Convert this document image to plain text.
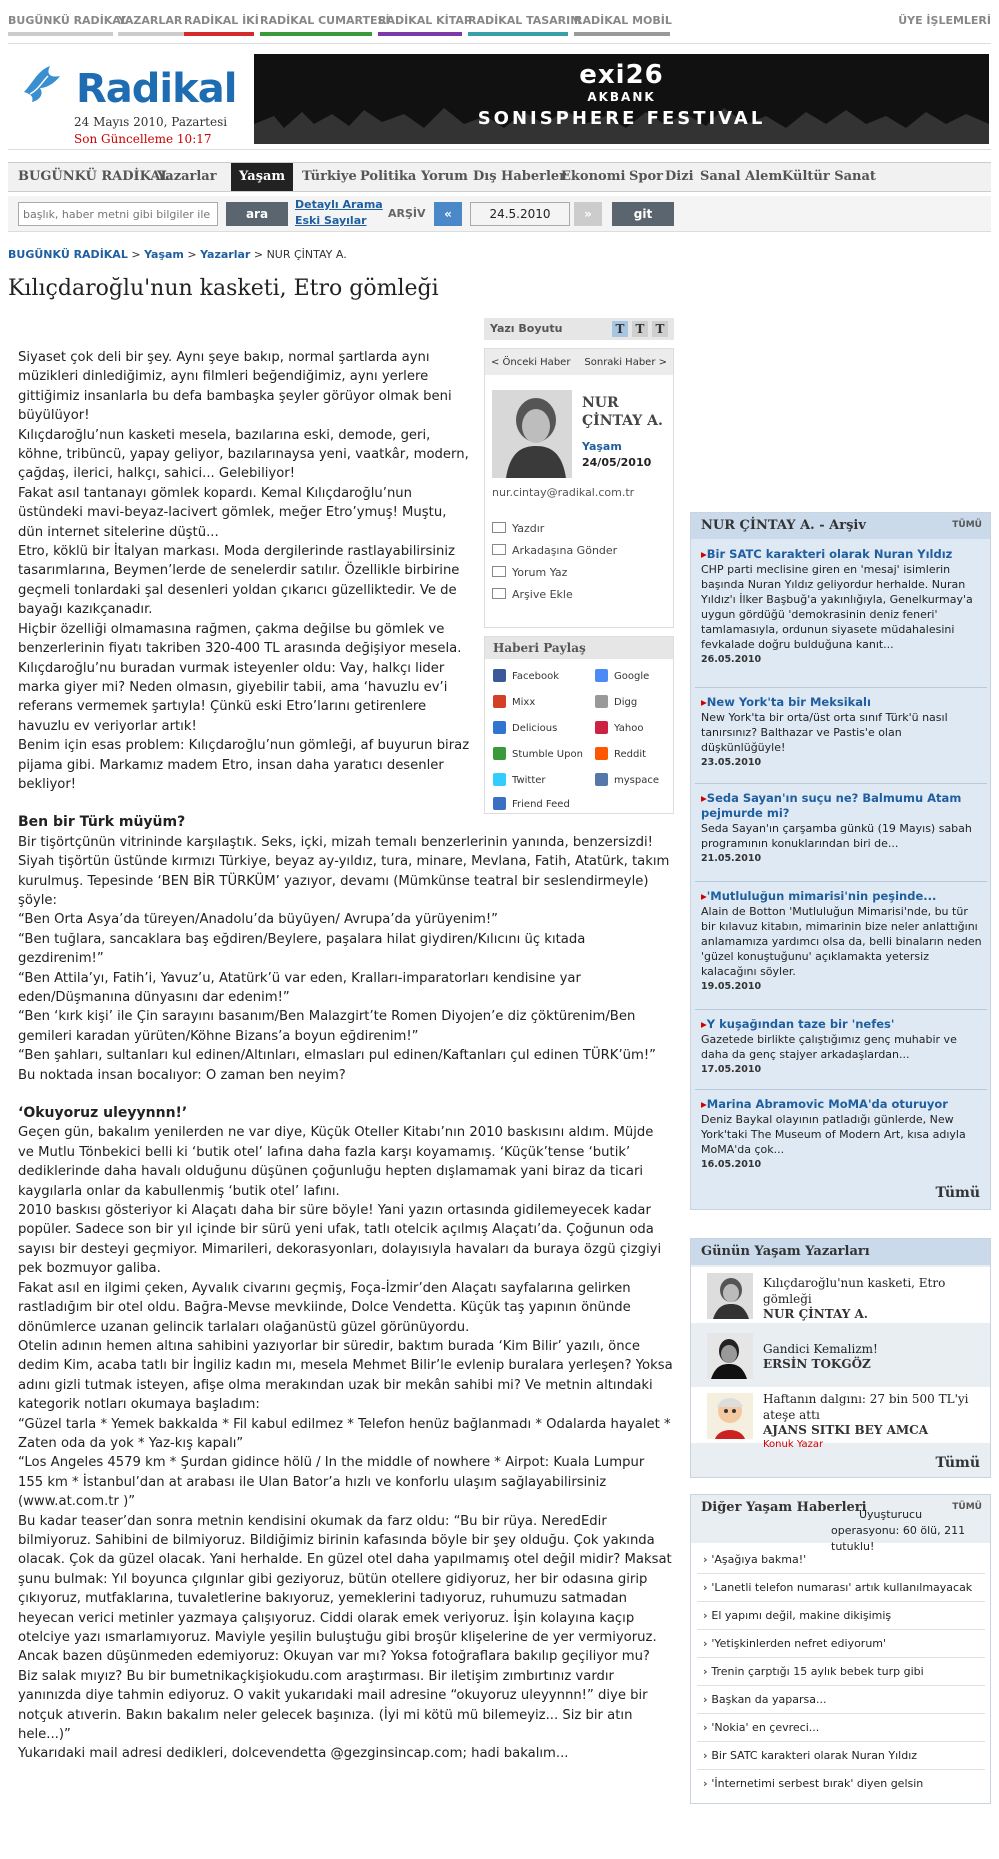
BUGÜNKÜ RADİKAL
YAZARLAR RADİKAL İKİ RADİKAL CUMARTESİ
RADİKAL KİTAP
RADİKAL TASARIM
RADİKAL MOBİL	ÜYE İŞLEMLERİ
Radikal
24 Mayıs 2010, Pazartesi
Son Güncelleme 10:17
exi26
AKBANK
SONISPHERE FESTIVAL
BUGÜNKÜ RADİKAL
Yazarlar	Yaşam	Türkiye Politika Yorum Dış Haberler
Ekonomi Spor Dizi Sanal Alem Kültür Sanat
başlık, haber metni gibi bilgiler ile
ara
Detaylı Arama
Eski Sayılar
ARŞİV	«	24.5.2010	»	git
BUGÜNKÜ RADİKAL > Yaşam > Yazarlar > NUR ÇİNTAY A.
Kılıçdaroğlu'nun kasketi, Etro gömleği

Siyaset çok deli bir şey. Aynı şeye bakıp, normal şartlarda aynı müzikleri dinlediğimiz, aynı filmleri beğendiğimiz, aynı yerlere gittiğimiz insanlarla bu defa bambaşka şeyler görüyor olmak beni büyülüyor!

Kılıçdaroğlu’nun kasketi mesela, bazılarına eski, demode, geri, köhne, tribüncü, yapay geliyor, bazılarınaysa yeni, vaatkâr, modern, çağdaş, ilerici, halkçı, sahici... Gelebiliyor!

Fakat asıl tantanayı gömlek kopardı. Kemal Kılıçdaroğlu’nun üstündeki mavi-beyaz-lacivert gömlek, meğer Etro’ymuş! Muştu, dün internet sitelerine düştü...

Etro, köklü bir İtalyan markası. Moda dergilerinde rastlayabilirsiniz tasarımlarına, Beymen’lerde de senelerdir satılır. Özellikle birbirine geçmeli tonlardaki şal desenleri yoldan çıkarıcı güzelliktedir. Ve de bayağı kazıkçanadır.

Hiçbir özelliği olmamasına rağmen, çakma değilse bu gömlek ve benzerlerinin fiyatı takriben 320-400 TL arasında değişiyor mesela.

Kılıçdaroğlu’nu buradan vurmak isteyenler oldu: Vay, halkçı lider marka giyer mi? Neden olmasın, giyebilir tabii, ama ‘havuzlu ev’i referans vermemek şartıyla! Çünkü eski Etro’larını getirenlere havuzlu ev veriyorlar artık!

Benim için esas problem: Kılıçdaroğlu’nun gömleği, af buyurun biraz pijama gibi. Markamız madem Etro, insan daha yaratıcı desenler bekliyor!

Ben bir Türk müyüm?

Bir tişörtçünün vitrininde karşılaştık. Seks, içki, mizah temalı benzerlerinin yanında, benzersizdi! Siyah tişörtün üstünde kırmızı Türkiye, beyaz ay-yıldız, tura, minare, Mevlana, Fatih, Atatürk, takım kurulmuş. Tepesinde ‘BEN BİR TÜRKÜM’ yazıyor, devamı (Mümkünse teatral bir seslendirmeyle) şöyle:

“Ben Orta Asya’da türeyen/Anadolu’da büyüyen/ Avrupa’da yürüyenim!”

“Ben tuğlara, sancaklara baş eğdiren/Beylere, paşalara hilat giydiren/Kılıcını üç kıtada gezdirenim!”

“Ben Attila’yı, Fatih’i, Yavuz’u, Atatürk’ü var eden, Kralları-imparatorları kendisine yar eden/Düşmanına dünyasını dar edenim!”

“Ben ‘kırk kişi’ ile Çin sarayını basanım/Ben Malazgirt’te Romen Diyojen’e diz çöktürenim/Ben gemileri karadan yürüten/Köhne Bizans’a boyun eğdirenim!”

“Ben şahları, sultanları kul edinen/Altınları, elmasları pul edinen/Kaftanları çul edinen TÜRK’üm!”

Bu noktada insan bocalıyor: O zaman ben neyim?

‘Okuyoruz uleyynnn!’

Geçen gün, bakalım yenilerden ne var diye, Küçük Oteller Kitabı’nın 2010 baskısını aldım. Müjde ve Mutlu Tönbekici belli ki ‘butik otel’ lafına daha fazla karşı koyamamış. ‘Küçük’tense ‘butik’ dediklerinde daha havalı olduğunu düşünen çoğunluğu hepten dışlamamak yani biraz da ticari kaygılarla onlar da kabullenmiş ‘butik otel’ lafını.

2010 baskısı gösteriyor ki Alaçatı daha bir süre böyle! Yani yazın ortasında gidilemeyecek kadar popüler. Sadece son bir yıl içinde bir sürü yeni ufak, tatlı otelcik açılmış Alaçatı’da. Çoğunun oda sayısı bir desteyi geçmiyor. Mimarileri, dekorasyonları, dolayısıyla havaları da buraya özgü çizgiyi pek bozmuyor galiba.

Fakat asıl en ilgimi çeken, Ayvalık civarını geçmiş, Foça-İzmir’den Alaçatı sayfalarına gelirken rastladığım bir otel oldu. Bağra-Mevse mevkiinde, Dolce Vendetta. Küçük taş yapının önünde dönümlerce uzanan gelincik tarlaları olağanüstü güzel görünüyordu.

Otelin adının hemen altına sahibini yazıyorlar bir süredir, baktım burada ‘Kim Bilir’ yazılı, önce dedim Kim, acaba tatlı bir İngiliz kadın mı, mesela Mehmet Bilir’le evlenip buralara yerleşen? Yoksa adını gizli tutmak isteyen, afişe olma merakından uzak bir mekân sahibi mi? Ve metnin altındaki kategorik notları okumaya başladım:

“Güzel tarla * Yemek bakkalda * Fil kabul edilmez * Telefon henüz bağlanmadı * Odalarda hayalet * Zaten oda da yok * Yaz-kış kapalı”

“Los Angeles 4579 km * Şurdan gidince hölü / In the middle of nowhere * Airpot: Kuala Lumpur 155 km * İstanbul’dan at arabası ile Ulan Bator’a hızlı ve konforlu ulaşım sağlayabilirsiniz (www.at.com.tr )”

Bu kadar teaser’dan sonra metnin kendisini okumak da farz oldu: “Bu bir rüya. NeredEdir bilmiyoruz. Sahibini de bilmiyoruz. Bildiğimiz birinin kafasında böyle bir şey olduğu. Çok yakında olacak. Çok da güzel olacak. Yani herhalde. En güzel otel daha yapılmamış otel değil midir? Maksat şunu bulmak: Yıl boyunca çılgınlar gibi geziyoruz, bütün otellere gidiyoruz, her bir odasına girip çıkıyoruz, mutfaklarına, tuvaletlerine bakıyoruz, yemeklerini tadıyoruz, ruhumuzu satmadan heyecan verici metinler yazmaya çalışıyoruz. Ciddi olarak emek veriyoruz. İşin kolayına kaçıp otelciye yazı ısmarlamıyoruz. Maviyle yeşilin buluştuğu gibi broşür klişelerine de yer vermiyoruz. Ancak bazen düşünmeden edemiyoruz: Okuyan var mı? Yoksa fotoğraflara bakılıp geçiliyor mu? Biz salak mıyız? Bu bir bumetnikaçkişiokudu.com araştırması. Bir iletişim zımbırtınız vardır yanınızda diye tahmin ediyoruz. O vakit yukarıdaki mail adresine “okuyoruz uleyynnn!” diye bir notçuk atıverin. Bakın bakalım neler gelecek başınıza. (İyi mi kötü mü bilemeyiz... Siz bir atın hele...)”

Yukarıdaki mail adresi dedikleri, dolcevendetta @gezginsincap.com; hadi bakalım...

Yazı Boyutu	T T T
< Önceki Haber Sonraki Haber >
NUR ÇİNTAY A.
Yaşam
24/05/2010
nur.cintay@radikal.com.tr
Yazdır
Arkadaşına Gönder
Yorum Yaz
Arşive Ekle
Haberi Paylaş
Facebook	Google
Mixx	Digg
Delicious	Yahoo
Stumble Upon	Reddit
Twitter	myspace
Friend Feed
NUR ÇİNTAY A. - Arşiv	TÜMÜ
▸ Bir SATC karakteri olarak Nuran Yıldız
CHP parti meclisine giren en 'mesaj' isimlerin başında Nuran Yıldız geliyordur herhalde. Nuran Yıldız'ı İlker Başbuğ'a yakınlığıyla, Genelkurmay'a uygun gördüğü 'demokrasinin deniz feneri' tamlamasıyla, ordunun siyasete müdahalesini fevkalade doğru bulduğuna kanıt...
26.05.2010
▸ New York'ta bir Meksikalı
New York'ta bir orta/üst orta sınıf Türk'ü nasıl tanırsınız? Balthazar ve Pastis'e olan düşkünlüğüyle!
23.05.2010
▸ Seda Sayan'ın suçu ne? Balmumu Atam pejmurde mi?
Seda Sayan'ın çarşamba günkü (19 Mayıs) sabah programının konuklarından biri de...
21.05.2010
▸ 'Mutluluğun mimarisi'nin peşinde...
Alain de Botton 'Mutluluğun Mimarisi'nde, bu tür bir kılavuz kitabın, mimarinin bize neler anlattığını anlamamıza yardımcı olsa da, belli binaların neden 'güzel konuştuğunu' açıklamakta yetersiz kalacağını söyler.
19.05.2010
▸ Y kuşağından taze bir 'nefes'
Gazetede birlikte çalıştığımız genç muhabir ve daha da genç stajyer arkadaşlardan...
17.05.2010
▸ Marina Abramovic MoMA'da oturuyor
Deniz Baykal olayının patladığı günlerde, New York'taki The Museum of Modern Art, kısa adıyla MoMA'da çok...
16.05.2010
Tümü
Günün Yaşam Yazarları
Kılıçdaroğlu'nun kasketi, Etro gömleği
NUR ÇİNTAY A.
Gandici Kemalizm!
ERSİN TOKGÖZ
Haftanın dalgını: 27 bin 500 TL'yi ateşe attı
AJANS SITKI BEY AMCA
Konuk Yazar
Tümü
Diğer Yaşam Haberleri	TÜMÜ
Uyuşturucu operasyonu: 60 ölü, 211 tutuklu!
› 'Aşağıya bakma!'
› 'Lanetli telefon numarası' artık kullanılmayacak
› El yapımı değil, makine dikişimiş
› 'Yetişkinlerden nefret ediyorum'
› Trenin çarptığı 15 aylık bebek turp gibi
› Başkan da yaparsa...
› 'Nokia' en çevreci...
› Bir SATC karakteri olarak Nuran Yıldız
› 'İnternetimi serbest bırak' diyen gelsin
